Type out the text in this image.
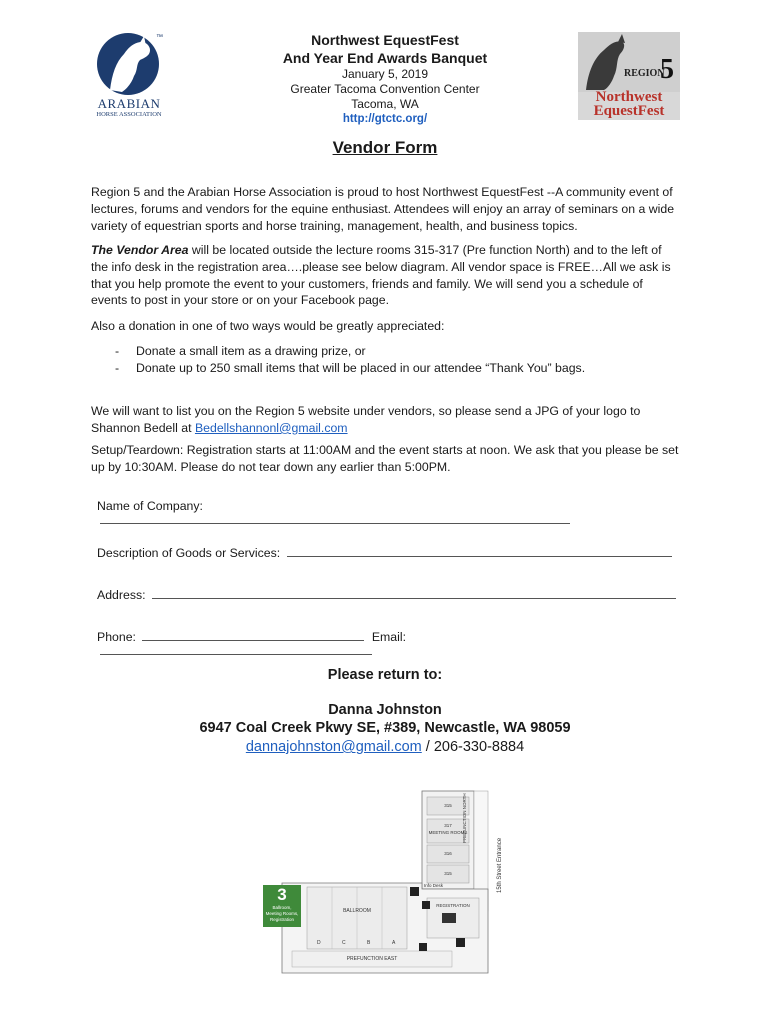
™
ARABIAN
HORSE ASSOCIATION
Northwest EquestFest
And Year End Awards Banquet
January 5, 2019
Greater Tacoma Convention Center
Tacoma, WA
http://gtctc.org/
REGION
5
Northwest
EquestFest
Vendor Form
Region 5 and the Arabian Horse Association is proud to host Northwest EquestFest --A community event of lectures, forums and vendors for the equine enthusiast. Attendees will enjoy an array of seminars on a wide variety of equestrian sports and horse training, management, health, and business topics.
The Vendor Area will be located outside the lecture rooms 315-317 (Pre function North) and to the left of the info desk in the registration area….please see below diagram. All vendor space is FREE…All we ask is that you help promote the event to your customers, friends and family. We will send you a schedule of events to post in your store or on your Facebook page.
Also a donation in one of two ways would be greatly appreciated:
- Donate a small item as a drawing prize, or
- Donate up to 250 small items that will be placed in our attendee “Thank You” bags.
We will want to list you on the Region 5 website under vendors, so please send a JPG of your logo to Shannon Bedell at Bedellshannonl@gmail.com
Setup/Teardown: Registration starts at 11:00AM and the event starts at noon. We ask that you please be set up by 10:30AM. Please do not tear down any earlier than 5:00PM.
Name of Company:
Description of Goods or Services:
Address:
Phone:	Email:
Please return to:
Danna Johnston
6947 Coal Creek Pkwy SE, #389, Newcastle, WA 98059
dannajohnston@gmail.com / 206-330-8884
315
317
MEETING ROOMS
316
315
PREFUNCTION NORTH
15th Street Entrance
Info Desk
BALLROOM
D	C	B	A
REGISTRATION
PREFUNCTION EAST
3
Ballroom, Meeting Rooms, Registration
